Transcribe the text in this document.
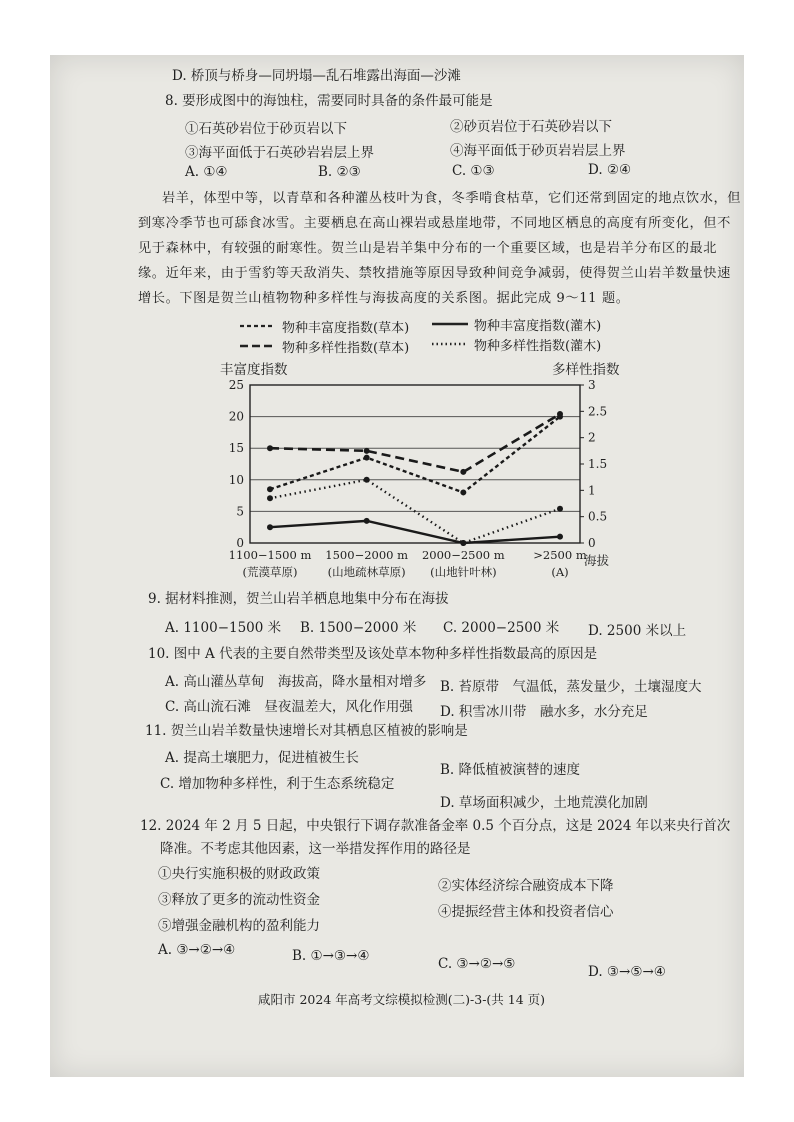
D. 桥顶与桥身—同坍塌—乱石堆露出海面—沙滩
8. 要形成图中的海蚀柱，需要同时具备的条件最可能是
①石英砂岩位于砂页岩以下	②砂页岩位于石英砂岩以下
③海平面低于石英砂岩岩层上界	④海平面低于砂页岩岩层上界
A. ①④	B. ②③	C. ①③	D. ②④

岩羊，体型中等，以青草和各种灌丛枝叶为食，冬季啃食枯草，它们还常到固定的地点饮水，但

到寒冷季节也可舔食冰雪。主要栖息在高山裸岩或悬崖地带，不同地区栖息的高度有所变化，但不

见于森林中，有较强的耐寒性。贺兰山是岩羊集中分布的一个重要区域，也是岩羊分布区的最北

缘。近年来，由于雪豹等天敌消失、禁牧措施等原因导致种间竞争减弱，使得贺兰山岩羊数量快速

增长。下图是贺兰山植物物种多样性与海拔高度的关系图。据此完成 9～11 题。

物种丰富度指数(草本)	物种丰富度指数(灌木)
物种多样性指数(草本)	物种多样性指数(灌木)
0
5
10
15
20
25
0
0.5
1
1.5
2
2.5
3
丰富度指数	多样性指数
海拔
1100−1500 m
(荒漠草原)
1500−2000 m
(山地疏林草原)
2000−2500 m
(山地针叶林)
>2500 m
(A)
9. 据材料推测，贺兰山岩羊栖息地集中分布在海拔
A. 1100−1500 米 B. 1500−2000 米 C. 2000−2500 米 D. 2500 米以上
10. 图中 A 代表的主要自然带类型及该处草本物种多样性指数最高的原因是
A. 高山灌丛草甸　海拔高，降水量相对增多 B. 苔原带　气温低，蒸发量少，土壤湿度大
C. 高山流石滩　昼夜温差大，风化作用强 D. 积雪冰川带　融水多，水分充足
11. 贺兰山岩羊数量快速增长对其栖息区植被的影响是
A. 提高土壤肥力，促进植被生长
B. 降低植被演替的速度
C. 增加物种多样性，利于生态系统稳定
D. 草场面积减少，土地荒漠化加剧
12. 2024 年 2 月 5 日起，中央银行下调存款准备金率 0.5 个百分点，这是 2024 年以来央行首次
降准。不考虑其他因素，这一举措发挥作用的路径是
①央行实施积极的财政政策
②实体经济综合融资成本下降
③释放了更多的流动性资金
④提振经营主体和投资者信心
⑤增强金融机构的盈利能力
A. ③→②→④	B. ①→③→④	C. ③→②→⑤	D. ③→⑤→④
咸阳市 2024 年高考文综模拟检测(二)-3-(共 14 页)
